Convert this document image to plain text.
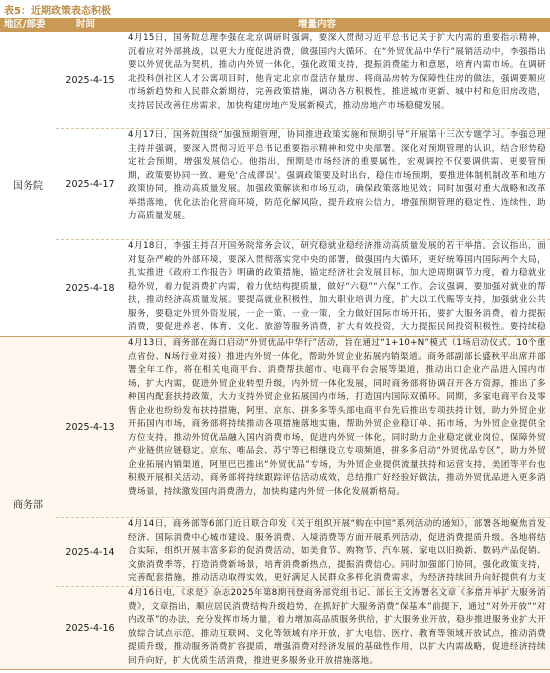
表5：近期政策表态积极
地区/部委	时间	增量内容
国务院
2025-4-15
4月15日，国务院总理李强在北京调研时强调，要深入贯彻习近平总书记关于扩大内需的重要指示精神，沉着应对外部挑战，以更大力度促进消费，做强国内大循环。在“外贸优品中华行”展销活动中，李强指出要以外贸优品为契机，推动内外贸一体化，强化政策支持，提振消费能力和意愿，培育内需市场。在调研北投科创社区人才公寓项目时，他肯定北京市盘活存量房、将商品房转为保障性住房的做法，强调要顺应市场新趋势和人民群众新期待，完善政策措施，调动各方积极性，推进城市更新、城中村和危旧房改造，支持居民改善住房需求，加快构建房地产发展新模式，推动房地产市场稳健发展。
2025-4-17
4月17日，国务院围绕“加强预期管理，协同推进政策实施和预期引导”开展第十三次专题学习。李强总理主持并强调，要深入贯彻习近平总书记重要指示精神和党中央部署。深化对预期管理的认识，结合形势稳定社会预期，增强发展信心。他指出，预期是市场经济的重要属性，宏观调控不仅要调供需、更要管预期，政策要协同一致、避免‘合成谬误’。强调政策要及时出台，稳住市场预期，要推进体制机制改革和地方政策协同，推动高质量发展。加强政策解读和市场互动，确保政策落地见效；同时加强对重大战略和改革举措落地，优化法治化营商环境，防范化解风险，提升政府公信力，增强预期管理的稳定性、连续性，助力高质量发展。
2025-4-18
4月18日，李强主持召开国务院常务会议，研究稳就业稳经济推动高质量发展的若干举措。会议指出，面对复杂严峻的外部环境，要深入贯彻落实党中央的部署，做强国内大循环，更好统筹国内国际两个大局，扎实推进《政府工作报告》明确的政策措施，锚定经济社会发展目标，加大逆周期调节力度，着力稳就业稳外贸，着力促消费扩内需，着力优结构提质量，做好“六稳”“六保”工作。会议强调，要加强对就业的帮扶，推动经济高质量发展。要提高就业积极性，加大职业培训力度，扩大以工代赈等支持，加强就业公共服务，要稳定外贸外资发展，一企一策、一业一策，全力做好国际市场开拓，要扩大服务消费，着力提振消费，要促进养老、体育、文化、旅游等服务消费，扩大有效投资，大力提振民间投资积极性。要持续稳
商务部
2025-4-13
4月13日，商务部在海口启动“外贸优品中华行”活动，旨在通过“1+10+N”模式（1场启动仪式、10个重点省份、N场行业对接）推进内外贸一体化，帮助外贸企业拓展内销渠道。商务部副部长盛秋平出席并部署全年工作，将在相关电商平台、消费帮扶超市、电商平台会展等渠道，推动出口企业产品进入国内市场，扩大内需，促进外贸企业转型升级，内外贸一体化发展，同时商务部将协调召开各方资源，推出了多种国内配套扶持政策，大力支持外贸企业拓展国内市场，打造国内国际双循环。同期，多家电商平台及零售企业也纷纷发布扶持措施，阿里、京东、拼多多等头部电商平台先后推出专项扶持计划，助力外贸企业开拓国内市场，商务部将持续推动各项措施落地实施，帮助外贸企业稳订单、拓市场，为外贸企业提供全方位支持，推动外贸优品融入国内消费市场，促进内外贸一体化，同时助力企业稳定就业岗位，保障外贸产业链供应链稳定。京东、唯品会、苏宁等已相继设立专项频道，拼多多启动“外贸优品专区”，助力外贸企业拓展内销渠道，阿里巴巴推出“外贸优品”专场，为外贸企业提供流量扶持和运营支持，美团等平台也积极开展相关活动，商务部将持续跟踪评估活动成效，总结推广好经验好做法，推动外贸优品进入更多消费场景，持续激发国内消费潜力，加快构建内外贸一体化发展新格局。
2025-4-14
4月14日，商务部等6部门近日联合印发《关于组织开展“购在中国”系列活动的通知》，部署各地聚焦首发经济、国际消费中心城市建设、服务消费、入境消费等方面开展系列活动，促进消费提质升级。各地将结合实际，组织开展丰富多彩的促消费活动，如美食节、购物节、汽车展、家电以旧换新、数码产品促销、文旅消费季等，打造消费新场景，培育消费新热点，提振消费信心。同时加强部门协同，强化政策支持，完善配套措施，推动活动取得实效，更好满足人民群众多样化消费需求，为经济持续回升向好提供有力支
2025-4-16
4月16日电，《求是》杂志2025年第8期刊登商务部党组书记、部长王文涛署名文章《多措并举扩大服务消费》，文章指出，顺应居民消费结构升级趋势，在抓好扩大服务消费“保基本”前提下，通过“对外开放”“对内改革”的办法，充分发挥市场力量，着力增加高品质服务供给，扩大服务业开放，稳步推进服务业扩大开放综合试点示范，推动互联网、文化等领域有序开放，扩大电信、医疗、教育等领域开放试点，推动消费提质升级，推动服务消费扩容提质，增强消费对经济发展的基础性作用，以扩大内需战略，促进经济持续回升向好，扩大优质生活消费，推进更多服务业开放措施落地。
